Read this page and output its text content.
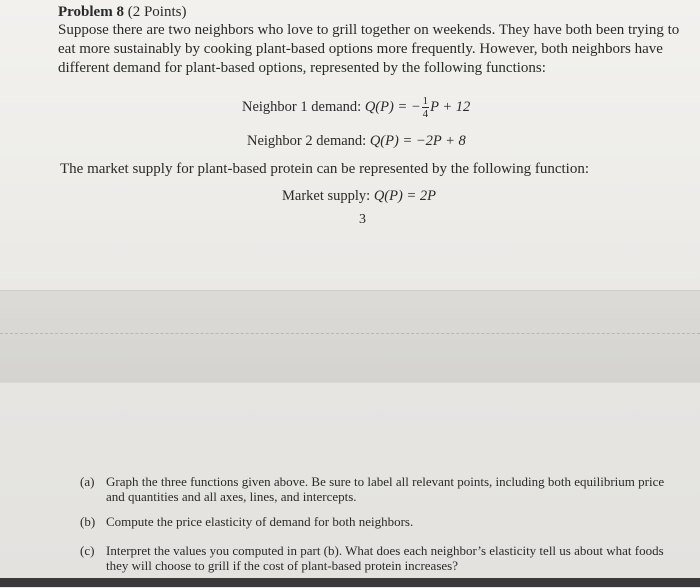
Problem 8 (2 Points)
Suppose there are two neighbors who love to grill together on weekends. They have both been trying to eat more sustainably by cooking plant-based options more frequently. However, both neighbors have different demand for plant-based options, represented by the following functions:
Neighbor 1 demand: Q(P) = − $\frac{1}{4}$ P + 12
Neighbor 2 demand: Q(P) = −2P + 8
The market supply for plant-based protein can be represented by the following function:
Market supply: Q(P) = 2P
3
(a) Graph the three functions given above. Be sure to label all relevant points, including both equilibrium price and quantities and all axes, lines, and intercepts.
(b) Compute the price elasticity of demand for both neighbors.
(c) Interpret the values you computed in part (b). What does each neighbor’s elasticity tell us about what foods they will choose to grill if the cost of plant-based protein increases?
